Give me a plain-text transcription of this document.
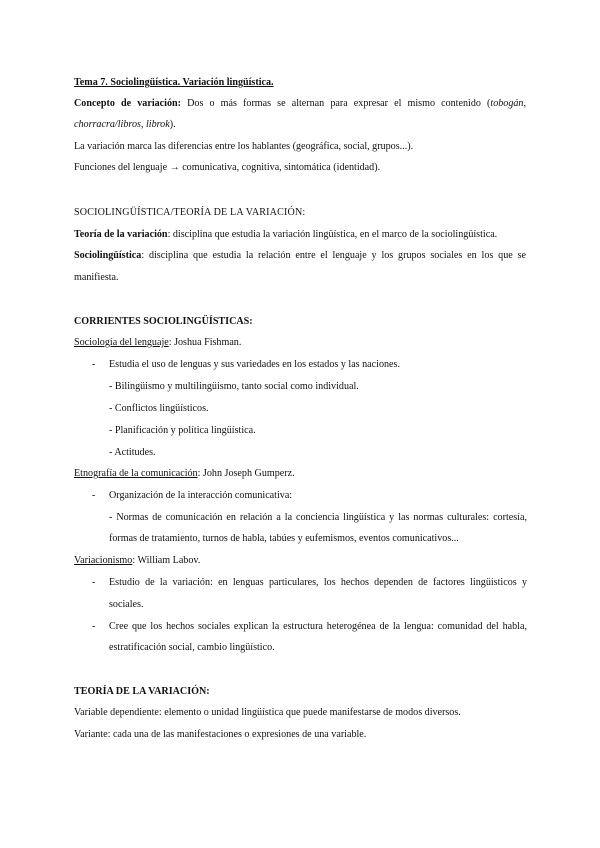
Tema 7. Sociolingüística. Variación lingüística.
Concepto de variación: Dos o más formas se alternan para expresar el mismo contenido (tobogán,
chorracra/libros, librok).
La variación marca las diferencias entre los hablantes (geográfica, social, grupos...).
Funciones del lenguaje → comunicativa, cognitiva, sintomática (identidad).
SOCIOLINGÜÍSTICA/TEORÍA DE LA VARIACIÓN:
Teoría de la variación: disciplina que estudia la variación lingüística, en el marco de la sociolingüística.
Sociolingüística: disciplina que estudia la relación entre el lenguaje y los grupos sociales en los que se
manifiesta.
CORRIENTES SOCIOLINGÜÍSTICAS:
Sociología del lenguaje: Joshua Fishman.
- Estudia el uso de lenguas y sus variedades en los estados y las naciones.
- Bilingüismo y multilingüismo, tanto social como individual.
- Conflictos lingüísticos.
- Planificación y política lingüística.
- Actitudes.
Etnografía de la comunicación: John Joseph Gumperz.
- Organización de la interacción comunicativa:
- Normas de comunicación en relación a la conciencia lingüística y las normas culturales: cortesía,
formas de tratamiento, turnos de habla, tabúes y eufemismos, eventos comunicativos...
Variacionismo: William Labov.
- Estudio de la variación: en lenguas particulares, los hechos dependen de factores lingüísticos y
sociales.
- Cree que los hechos sociales explican la estructura heterogénea de la lengua: comunidad del habla,
estratificación social, cambio lingüístico.
TEORÍA DE LA VARIACIÓN:
Variable dependiente: elemento o unidad lingüística que puede manifestarse de modos diversos.
Variante: cada una de las manifestaciones o expresiones de una variable.
